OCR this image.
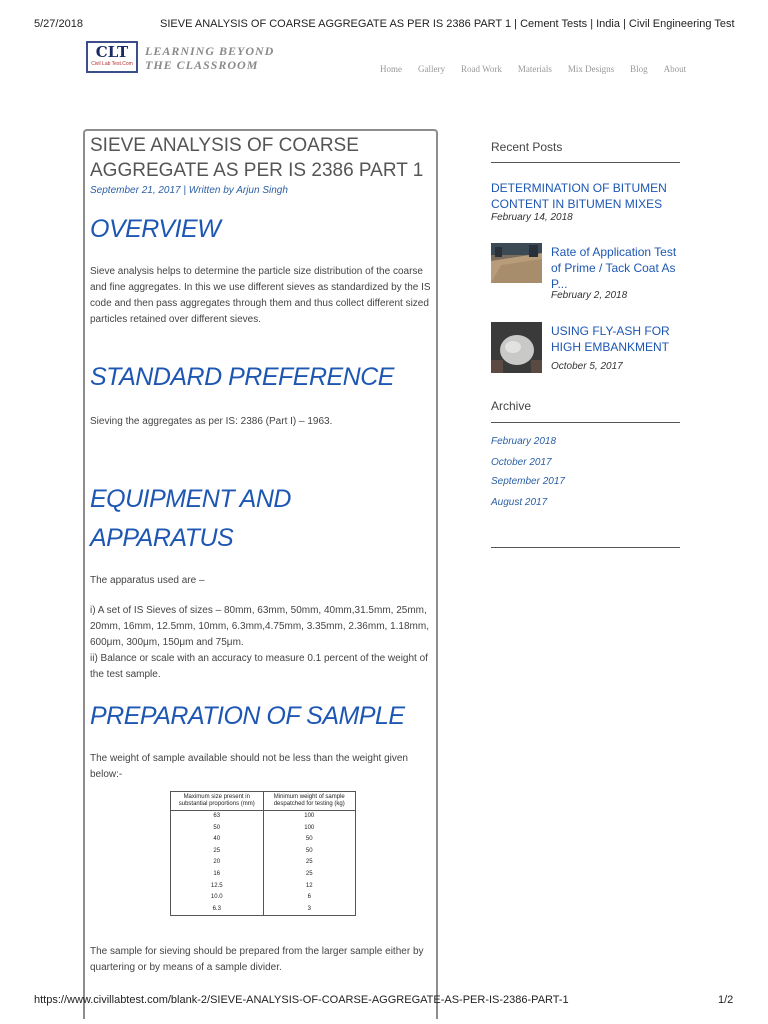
5/27/2018	SIEVE ANALYSIS OF COARSE AGGREGATE AS PER IS 2386 PART 1 | Cement Tests | India | Civil Engineering Test
CLT
Civil Lab Test.Com
LEARNING BEYOND
THE CLASSROOM	Home Gallery Road Work Materials Mix Designs Blog About
SIEVE ANALYSIS OF COARSE AGGREGATE AS PER IS 2386 PART 1
September 21, 2017 | Written by Arjun Singh
OVERVIEW

Sieve analysis helps to determine the particle size distribution of the coarse and fine aggregates. In this we use different sieves as standardized by the IS code and then pass aggregates through them and thus collect different sized particles retained over different sieves.

STANDARD PREFERENCE

Sieving the aggregates as per IS: 2386 (Part I) – 1963.

EQUIPMENT AND
APPARATUS

The apparatus used are –

i) A set of IS Sieves of sizes – 80mm, 63mm, 50mm, 40mm,31.5mm, 25mm, 20mm, 16mm, 12.5mm, 10mm, 6.3mm,4.75mm, 3.35mm, 2.36mm, 1.18mm, 600μm, 300μm, 150μm and 75μm.

ii) Balance or scale with an accuracy to measure 0.1 percent of the weight of the test sample.

PREPARATION OF SAMPLE

The weight of sample available should not be less than the weight given below:-

Maximum size present in substantial proportions (mm)	Minimum weight of sample despatched for testing (kg)
63	100
50	100
40	50
25	50
20	25
16	25
12.5	12
10.0	6
6.3	3

The sample for sieving should be prepared from the larger sample either by quartering or by means of a sample divider.

Recent Posts
DETERMINATION OF BITUMEN CONTENT IN BITUMEN MIXES
February 14, 2018
Rate of Application Test of Prime / Tack Coat As P...
February 2, 2018
USING FLY-ASH FOR HIGH EMBANKMENT
October 5, 2017
Archive
February 2018
October 2017
September 2017
August 2017
https://www.civillabtest.com/blank-2/SIEVE-ANALYSIS-OF-COARSE-AGGREGATE-AS-PER-IS-2386-PART-1	1/2
